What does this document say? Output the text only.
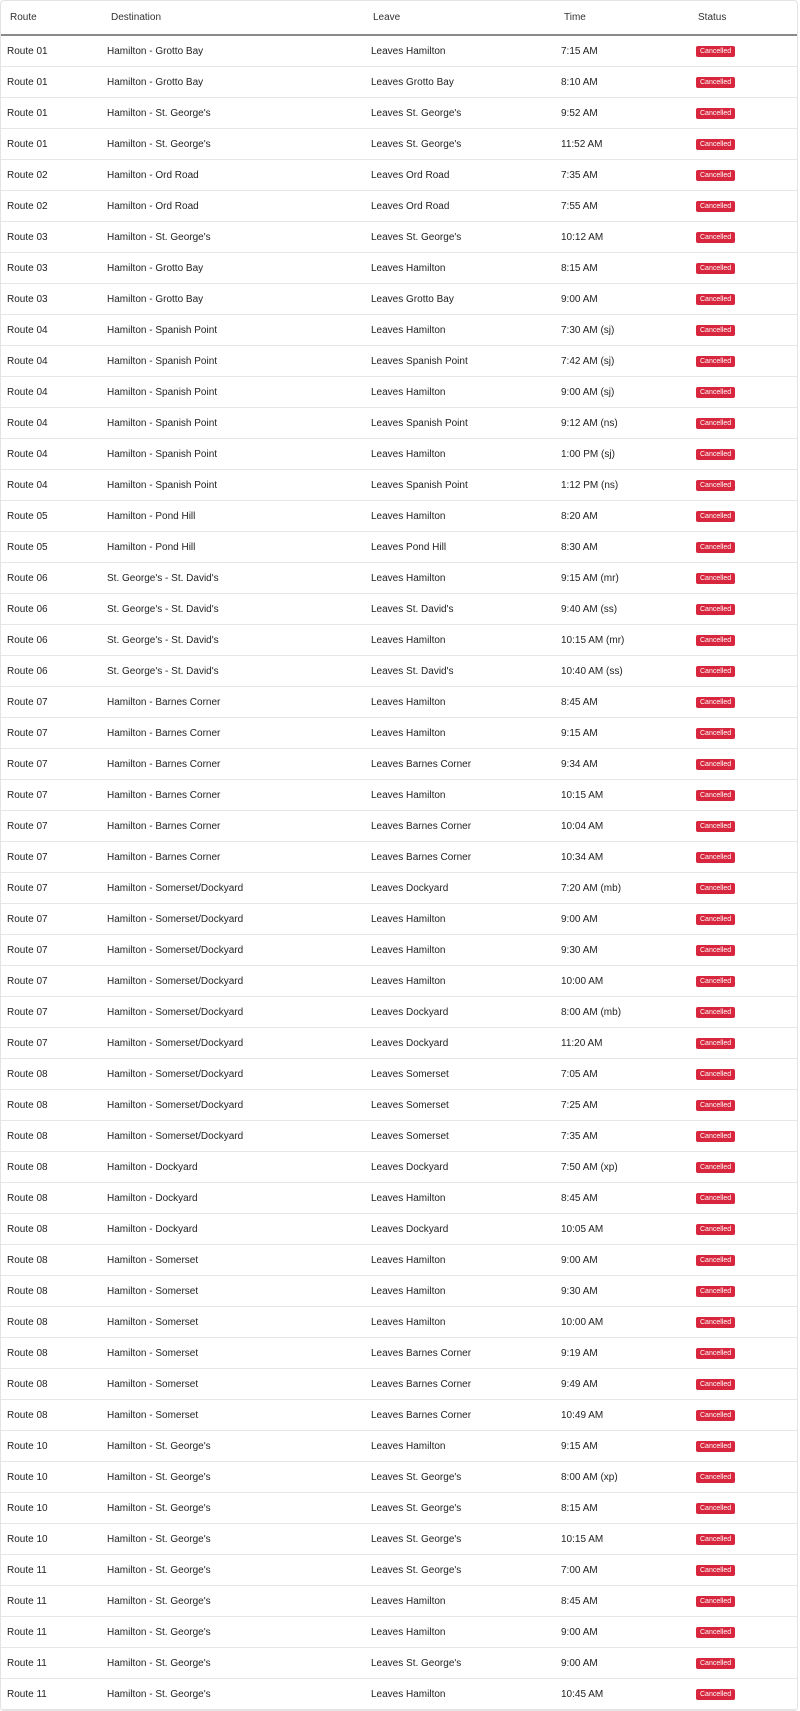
Route	Destination	Leave	Time	Status
Route 01	Hamilton - Grotto Bay	Leaves Hamilton	7:15 AM	Cancelled
Route 01	Hamilton - Grotto Bay	Leaves Grotto Bay	8:10 AM	Cancelled
Route 01	Hamilton - St. George's	Leaves St. George's	9:52 AM	Cancelled
Route 01	Hamilton - St. George's	Leaves St. George's	11:52 AM	Cancelled
Route 02	Hamilton - Ord Road	Leaves Ord Road	7:35 AM	Cancelled
Route 02	Hamilton - Ord Road	Leaves Ord Road	7:55 AM	Cancelled
Route 03	Hamilton - St. George's	Leaves St. George's	10:12 AM	Cancelled
Route 03	Hamilton - Grotto Bay	Leaves Hamilton	8:15 AM	Cancelled
Route 03	Hamilton - Grotto Bay	Leaves Grotto Bay	9:00 AM	Cancelled
Route 04	Hamilton - Spanish Point	Leaves Hamilton	7:30 AM (sj)	Cancelled
Route 04	Hamilton - Spanish Point	Leaves Spanish Point	7:42 AM (sj)	Cancelled
Route 04	Hamilton - Spanish Point	Leaves Hamilton	9:00 AM (sj)	Cancelled
Route 04	Hamilton - Spanish Point	Leaves Spanish Point	9:12 AM (ns)	Cancelled
Route 04	Hamilton - Spanish Point	Leaves Hamilton	1:00 PM (sj)	Cancelled
Route 04	Hamilton - Spanish Point	Leaves Spanish Point	1:12 PM (ns)	Cancelled
Route 05	Hamilton - Pond Hill	Leaves Hamilton	8:20 AM	Cancelled
Route 05	Hamilton - Pond Hill	Leaves Pond Hill	8:30 AM	Cancelled
Route 06	St. George's - St. David's	Leaves Hamilton	9:15 AM (mr)	Cancelled
Route 06	St. George's - St. David's	Leaves St. David's	9:40 AM (ss)	Cancelled
Route 06	St. George's - St. David's	Leaves Hamilton	10:15 AM (mr)	Cancelled
Route 06	St. George's - St. David's	Leaves St. David's	10:40 AM (ss)	Cancelled
Route 07	Hamilton - Barnes Corner	Leaves Hamilton	8:45 AM	Cancelled
Route 07	Hamilton - Barnes Corner	Leaves Hamilton	9:15 AM	Cancelled
Route 07	Hamilton - Barnes Corner	Leaves Barnes Corner	9:34 AM	Cancelled
Route 07	Hamilton - Barnes Corner	Leaves Hamilton	10:15 AM	Cancelled
Route 07	Hamilton - Barnes Corner	Leaves Barnes Corner	10:04 AM	Cancelled
Route 07	Hamilton - Barnes Corner	Leaves Barnes Corner	10:34 AM	Cancelled
Route 07	Hamilton - Somerset/Dockyard	Leaves Dockyard	7:20 AM (mb)	Cancelled
Route 07	Hamilton - Somerset/Dockyard	Leaves Hamilton	9:00 AM	Cancelled
Route 07	Hamilton - Somerset/Dockyard	Leaves Hamilton	9:30 AM	Cancelled
Route 07	Hamilton - Somerset/Dockyard	Leaves Hamilton	10:00 AM	Cancelled
Route 07	Hamilton - Somerset/Dockyard	Leaves Dockyard	8:00 AM (mb)	Cancelled
Route 07	Hamilton - Somerset/Dockyard	Leaves Dockyard	11:20 AM	Cancelled
Route 08	Hamilton - Somerset/Dockyard	Leaves Somerset	7:05 AM	Cancelled
Route 08	Hamilton - Somerset/Dockyard	Leaves Somerset	7:25 AM	Cancelled
Route 08	Hamilton - Somerset/Dockyard	Leaves Somerset	7:35 AM	Cancelled
Route 08	Hamilton - Dockyard	Leaves Dockyard	7:50 AM (xp)	Cancelled
Route 08	Hamilton - Dockyard	Leaves Hamilton	8:45 AM	Cancelled
Route 08	Hamilton - Dockyard	Leaves Dockyard	10:05 AM	Cancelled
Route 08	Hamilton - Somerset	Leaves Hamilton	9:00 AM	Cancelled
Route 08	Hamilton - Somerset	Leaves Hamilton	9:30 AM	Cancelled
Route 08	Hamilton - Somerset	Leaves Hamilton	10:00 AM	Cancelled
Route 08	Hamilton - Somerset	Leaves Barnes Corner	9:19 AM	Cancelled
Route 08	Hamilton - Somerset	Leaves Barnes Corner	9:49 AM	Cancelled
Route 08	Hamilton - Somerset	Leaves Barnes Corner	10:49 AM	Cancelled
Route 10	Hamilton - St. George's	Leaves Hamilton	9:15 AM	Cancelled
Route 10	Hamilton - St. George's	Leaves St. George's	8:00 AM (xp)	Cancelled
Route 10	Hamilton - St. George's	Leaves St. George's	8:15 AM	Cancelled
Route 10	Hamilton - St. George's	Leaves St. George's	10:15 AM	Cancelled
Route 11	Hamilton - St. George's	Leaves St. George's	7:00 AM	Cancelled
Route 11	Hamilton - St. George's	Leaves Hamilton	8:45 AM	Cancelled
Route 11	Hamilton - St. George's	Leaves Hamilton	9:00 AM	Cancelled
Route 11	Hamilton - St. George's	Leaves St. George's	9:00 AM	Cancelled
Route 11	Hamilton - St. George's	Leaves Hamilton	10:45 AM	Cancelled
